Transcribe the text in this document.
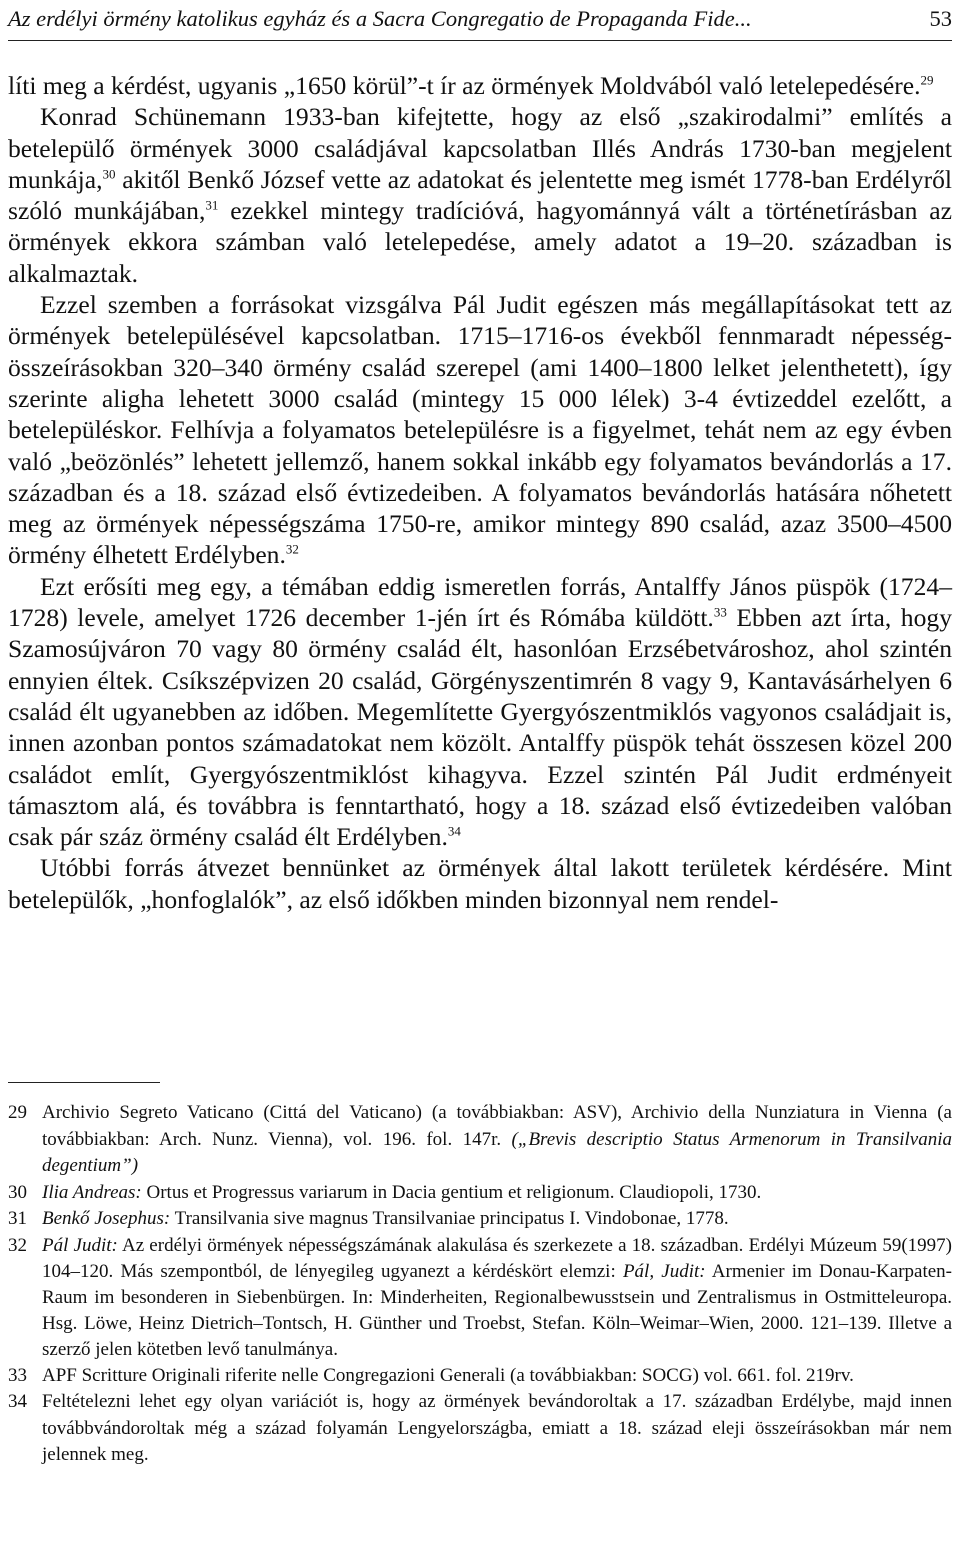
Az erdélyi örmény katolikus egyház és a Sacra Congregatio de Propaganda Fide...	53

líti meg a kérdést, ugyanis „1650 körül”-t ír az örmények Moldvából való letelepedésére.$^{29}$

Konrad Schünemann 1933-ban kifejtette, hogy az első „szakirodalmi” említés a betelepülő örmények 3000 családjával kapcsolatban Illés András 1730-ban megjelent munkája,$^{30}$ akitől Benkő József vette az adatokat és jelentette meg ismét 1778-ban Erdélyről szóló munkájában,$^{31}$ ezekkel mintegy tradícióvá, hagyománnyá vált a történetírásban az örmények ekkora számban való letelepedése, amely adatot a 19–20. században is alkalmaztak.

Ezzel szemben a forrásokat vizsgálva Pál Judit egészen más megállapításokat tett az örmények betelepülésével kapcsolatban. 1715–1716-os évekből fennmaradt népesség-összeírásokban 320–340 örmény család szerepel (ami 1400–1800 lelket jelenthetett), így szerinte aligha lehetett 3000 család (mintegy 15 000 lélek) 3-4 évtizeddel ezelőtt, a betelepüléskor. Felhívja a folyamatos betelepülésre is a figyelmet, tehát nem az egy évben való „beözönlés” lehetett jellemző, hanem sokkal inkább egy folyamatos bevándorlás a 17. században és a 18. század első évtizedeiben. A folyamatos bevándorlás hatására nőhetett meg az örmények népességszáma 1750-re, amikor mintegy 890 család, azaz 3500–4500 örmény élhetett Erdélyben.$^{32}$

Ezt erősíti meg egy, a témában eddig ismeretlen forrás, Antalffy János püspök (1724–1728) levele, amelyet 1726 december 1-jén írt és Rómába küldött.$^{33}$ Ebben azt írta, hogy Szamosújváron 70 vagy 80 örmény család élt, hasonlóan Erzsébetvároshoz, ahol szintén ennyien éltek. Csíkszépvizen 20 család, Görgényszentimrén 8 vagy 9, Kantavásárhelyen 6 család élt ugyanebben az időben. Megemlítette Gyergyószentmiklós vagyonos családjait is, innen azonban pontos számadatokat nem közölt. Antalffy püspök tehát összesen közel 200 családot említ, Gyergyószentmiklóst kihagyva. Ezzel szintén Pál Judit erdményeit támasztom alá, és továbbra is fenntartható, hogy a 18. század első évtizedeiben valóban csak pár száz örmény család élt Erdélyben.$^{34}$

Utóbbi forrás átvezet bennünket az örmények által lakott területek kérdésére. Mint betelepülők, „honfoglalók”, az első időkben minden bizonnyal nem rendel-

29 Archivio Segreto Vaticano (Cittá del Vaticano) (a továbbiakban: ASV), Archivio della Nunziatura in Vienna (a továbbiakban: Arch. Nunz. Vienna), vol. 196. fol. 147r. („Brevis descriptio Status Armenorum in Transilvania degentium”)
30 Ilia Andreas: Ortus et Progressus variarum in Dacia gentium et religionum. Claudiopoli, 1730.
31 Benkő Josephus: Transilvania sive magnus Transilvaniae principatus I. Vindobonae, 1778.
32 Pál Judit: Az erdélyi örmények népességszámának alakulása és szerkezete a 18. században. Erdélyi Múzeum 59(1997) 104–120. Más szempontból, de lényegileg ugyanezt a kérdéskört elemzi: Pál, Judit: Armenier im Donau-Karpaten-Raum im besonderen in Siebenbürgen. In: Minderheiten, Regionalbewusstsein und Zentralismus in Ostmitteleuropa. Hsg. Löwe, Heinz Dietrich–Tontsch, H. Günther und Troebst, Stefan. Köln–Weimar–Wien, 2000. 121–139. Illetve a szerző jelen kötetben levő tanulmánya.
33 APF Scritture Originali riferite nelle Congregazioni Generali (a továbbiakban: SOCG) vol. 661. fol. 219rv.
34 Feltételezni lehet egy olyan variációt is, hogy az örmények bevándoroltak a 17. században Erdélybe, majd innen továbbvándoroltak még a század folyamán Lengyelországba, emiatt a 18. század eleji összeírásokban már nem jelennek meg.
